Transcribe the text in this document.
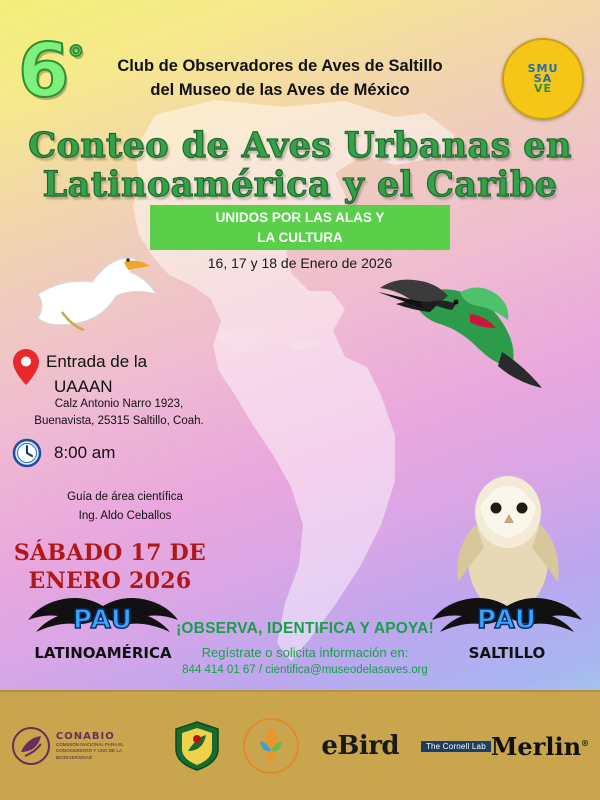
6°	Club de Observadores de Aves de Saltillo
del Museo de las Aves de México
SMU
SA
VE
Conteo de Aves Urbanas en
Latinoamérica y el Caribe
UNIDOS POR LAS ALAS Y
LA CULTURA
16, 17 y 18 de Enero de 2026
Entrada de la
UAAAN
Calz Antonio Narro 1923,
Buenavista, 25315 Saltillo, Coah.
8:00 am
Guía de área científica
Ing. Aldo Ceballos
SÁBADO 17 DE
ENERO 2026
PAU
LATINOAMÉRICA
PAU
SALTILLO
¡OBSERVA, IDENTIFICA Y APOYA!
Regístrate o solicita información en:
844 414 01 67 / cientifica@museodelasaves.org
CONABIO
COMISIÓN NACIONAL PARA EL CONOCIMIENTO Y USO DE LA BIODIVERSIDAD	eBird	The Cornell Lab Merlin®
